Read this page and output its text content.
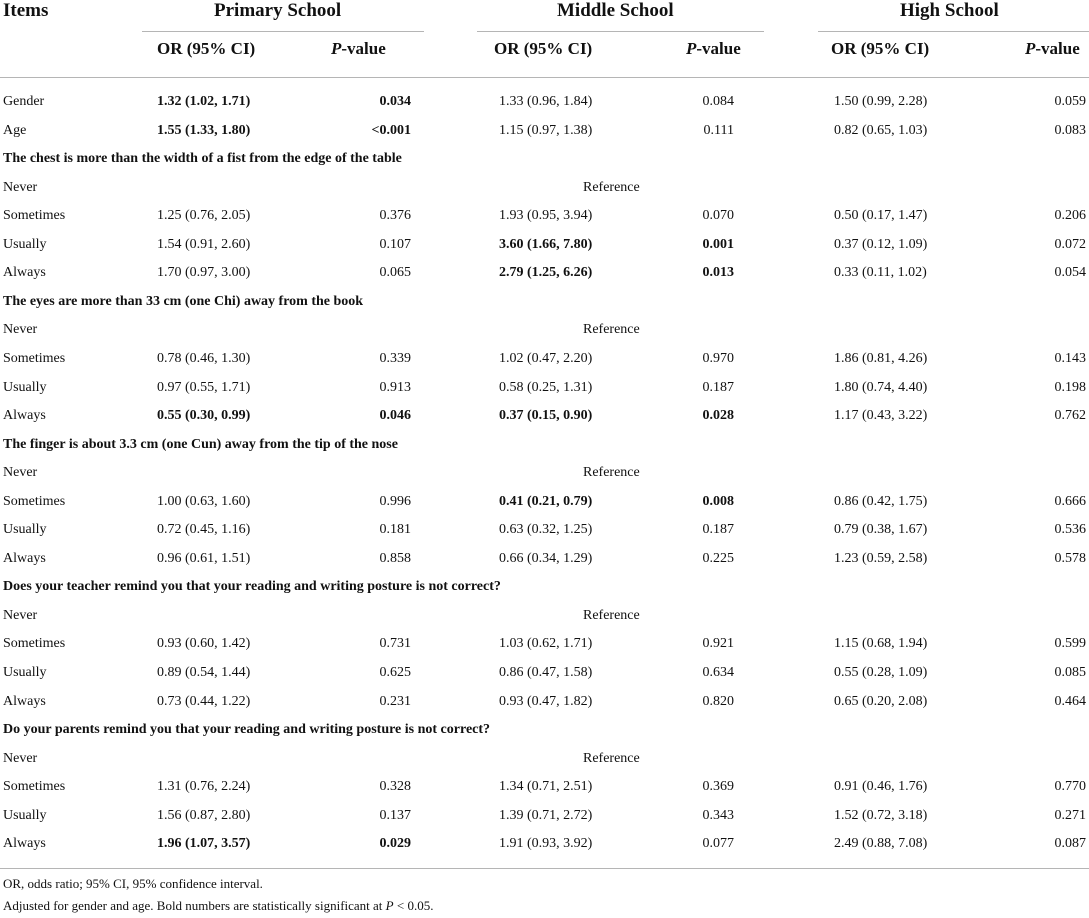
Items	Primary School	Middle School	High School
OR (95% CI)	P-value	OR (95% CI)	P-value	OR (95% CI)	P-value
Gender	1.32 (1.02, 1.71)	0.034	1.33 (0.96, 1.84)	0.084	1.50 (0.99, 2.28)	0.059
Age	1.55 (1.33, 1.80)	<0.001	1.15 (0.97, 1.38)	0.111	0.82 (0.65, 1.03)	0.083
The chest is more than the width of a fist from the edge of the table
Never	Reference
Sometimes	1.25 (0.76, 2.05)	0.376	1.93 (0.95, 3.94)	0.070	0.50 (0.17, 1.47)	0.206
Usually	1.54 (0.91, 2.60)	0.107	3.60 (1.66, 7.80)	0.001	0.37 (0.12, 1.09)	0.072
Always	1.70 (0.97, 3.00)	0.065	2.79 (1.25, 6.26)	0.013	0.33 (0.11, 1.02)	0.054
The eyes are more than 33 cm (one Chi) away from the book
Never	Reference
Sometimes	0.78 (0.46, 1.30)	0.339	1.02 (0.47, 2.20)	0.970	1.86 (0.81, 4.26)	0.143
Usually	0.97 (0.55, 1.71)	0.913	0.58 (0.25, 1.31)	0.187	1.80 (0.74, 4.40)	0.198
Always	0.55 (0.30, 0.99)	0.046	0.37 (0.15, 0.90)	0.028	1.17 (0.43, 3.22)	0.762
The finger is about 3.3 cm (one Cun) away from the tip of the nose
Never	Reference
Sometimes	1.00 (0.63, 1.60)	0.996	0.41 (0.21, 0.79)	0.008	0.86 (0.42, 1.75)	0.666
Usually	0.72 (0.45, 1.16)	0.181	0.63 (0.32, 1.25)	0.187	0.79 (0.38, 1.67)	0.536
Always	0.96 (0.61, 1.51)	0.858	0.66 (0.34, 1.29)	0.225	1.23 (0.59, 2.58)	0.578
Does your teacher remind you that your reading and writing posture is not correct?
Never	Reference
Sometimes	0.93 (0.60, 1.42)	0.731	1.03 (0.62, 1.71)	0.921	1.15 (0.68, 1.94)	0.599
Usually	0.89 (0.54, 1.44)	0.625	0.86 (0.47, 1.58)	0.634	0.55 (0.28, 1.09)	0.085
Always	0.73 (0.44, 1.22)	0.231	0.93 (0.47, 1.82)	0.820	0.65 (0.20, 2.08)	0.464
Do your parents remind you that your reading and writing posture is not correct?
Never	Reference
Sometimes	1.31 (0.76, 2.24)	0.328	1.34 (0.71, 2.51)	0.369	0.91 (0.46, 1.76)	0.770
Usually	1.56 (0.87, 2.80)	0.137	1.39 (0.71, 2.72)	0.343	1.52 (0.72, 3.18)	0.271
Always	1.96 (1.07, 3.57)	0.029	1.91 (0.93, 3.92)	0.077	2.49 (0.88, 7.08)	0.087
OR, odds ratio; 95% CI, 95% confidence interval.
Adjusted for gender and age. Bold numbers are statistically significant at P < 0.05.
